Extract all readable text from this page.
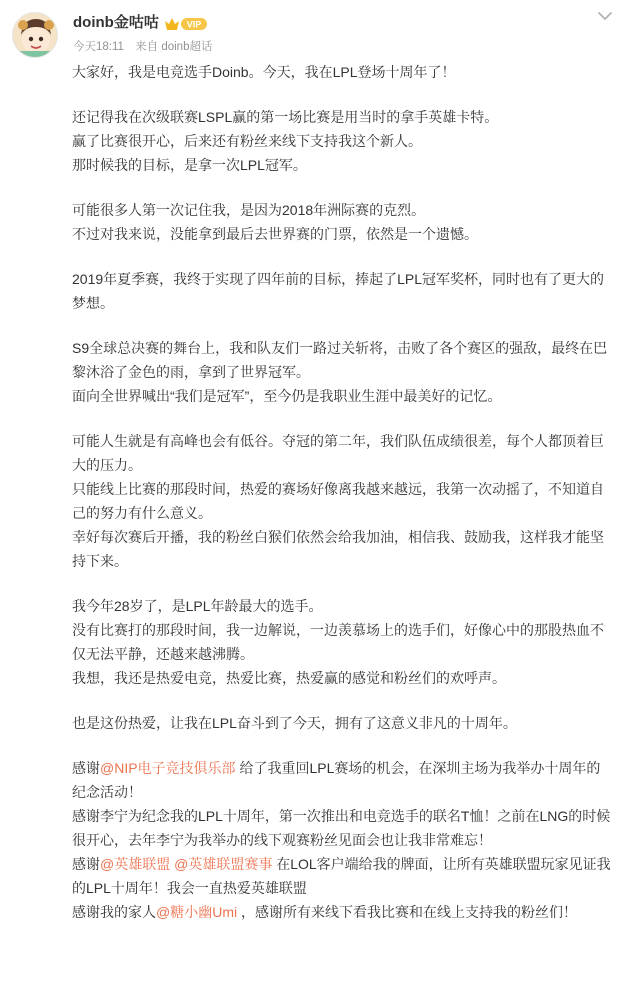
doinb金咕咕	VIP
今天18:11 来自 doinb超话
大家好，我是电竞选手Doinb。今天，我在LPL登场十周年了！
还记得我在次级联赛LSPL赢的第一场比赛是用当时的拿手英雄卡特。
赢了比赛很开心，后来还有粉丝来线下支持我这个新人。
那时候我的目标，是拿一次LPL冠军。
可能很多人第一次记住我，是因为2018年洲际赛的克烈。
不过对我来说，没能拿到最后去世界赛的门票，依然是一个遗憾。
2019年夏季赛，我终于实现了四年前的目标，捧起了LPL冠军奖杯，同时也有了更大的
梦想。
S9全球总决赛的舞台上，我和队友们一路过关斩将，击败了各个赛区的强敌，最终在巴
黎沐浴了金色的雨，拿到了世界冠军。
面向全世界喊出“我们是冠军”，至今仍是我职业生涯中最美好的记忆。
可能人生就是有高峰也会有低谷。夺冠的第二年，我们队伍成绩很差，每个人都顶着巨
大的压力。
只能线上比赛的那段时间，热爱的赛场好像离我越来越远，我第一次动摇了，不知道自
己的努力有什么意义。
幸好每次赛后开播，我的粉丝白猴们依然会给我加油，相信我、鼓励我，这样我才能坚
持下来。
我今年28岁了，是LPL年龄最大的选手。
没有比赛打的那段时间，我一边解说，一边羡慕场上的选手们，好像心中的那股热血不
仅无法平静，还越来越沸腾。
我想，我还是热爱电竞，热爱比赛，热爱赢的感觉和粉丝们的欢呼声。
也是这份热爱，让我在LPL奋斗到了今天，拥有了这意义非凡的十周年。
感谢@NIP电子竞技俱乐部 给了我重回LPL赛场的机会，在深圳主场为我举办十周年的
纪念活动！
感谢李宁为纪念我的LPL十周年，第一次推出和电竞选手的联名T恤！之前在LNG的时候
很开心，去年李宁为我举办的线下观赛粉丝见面会也让我非常难忘！
感谢@英雄联盟 @英雄联盟赛事 在LOL客户端给我的牌面，让所有英雄联盟玩家见证我
的LPL十周年！我会一直热爱英雄联盟
感谢我的家人@糖小幽Umi ，感谢所有来线下看我比赛和在线上支持我的粉丝们！
